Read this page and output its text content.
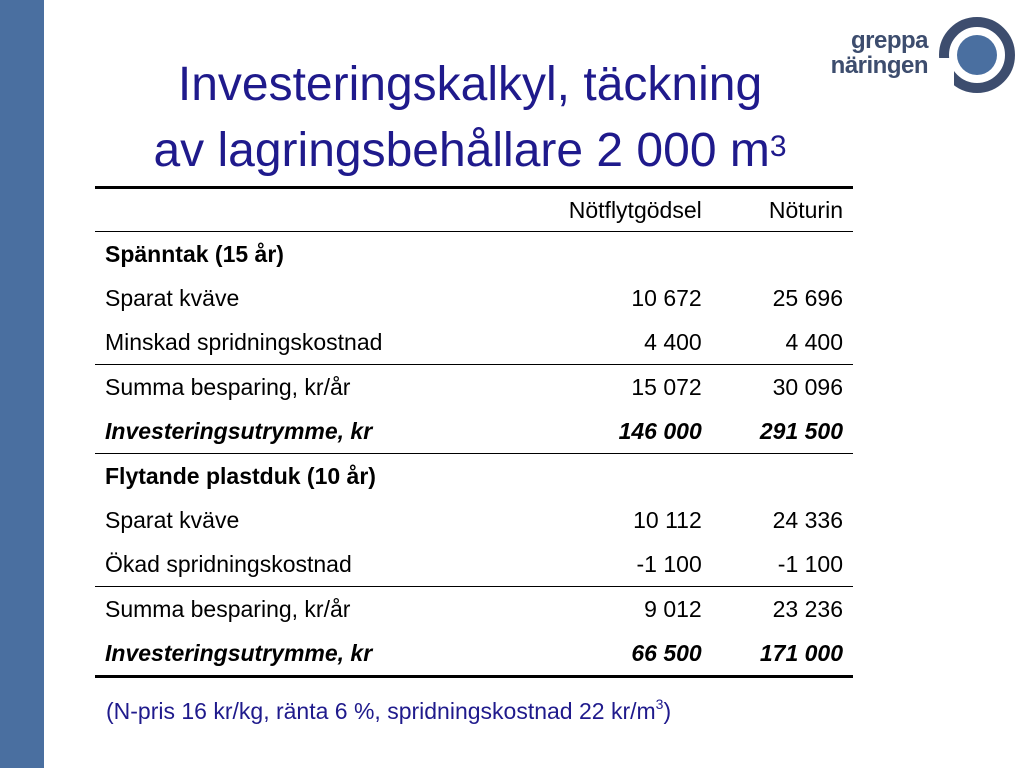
Investeringskalkyl, täckning
av lagringsbehållare 2 000 $m^3$
greppa
näringen
	Nötflytgödsel	Nöturin
Spänntak (15 år)		
Sparat kväve	10 672	25 696
Minskad spridningskostnad	4 400	4 400
Summa besparing, kr/år	15 072	30 096
Investeringsutrymme, kr	146 000	291 500
Flytande plastduk (10 år)		
Sparat kväve	10 112	24 336
Ökad spridningskostnad	-1 100	-1 100
Summa besparing, kr/år	9 012	23 236
Investeringsutrymme, kr	66 500	171 000
(N-pris 16 kr/kg, ränta 6 %, spridningskostnad 22 $kr/m^3$)
